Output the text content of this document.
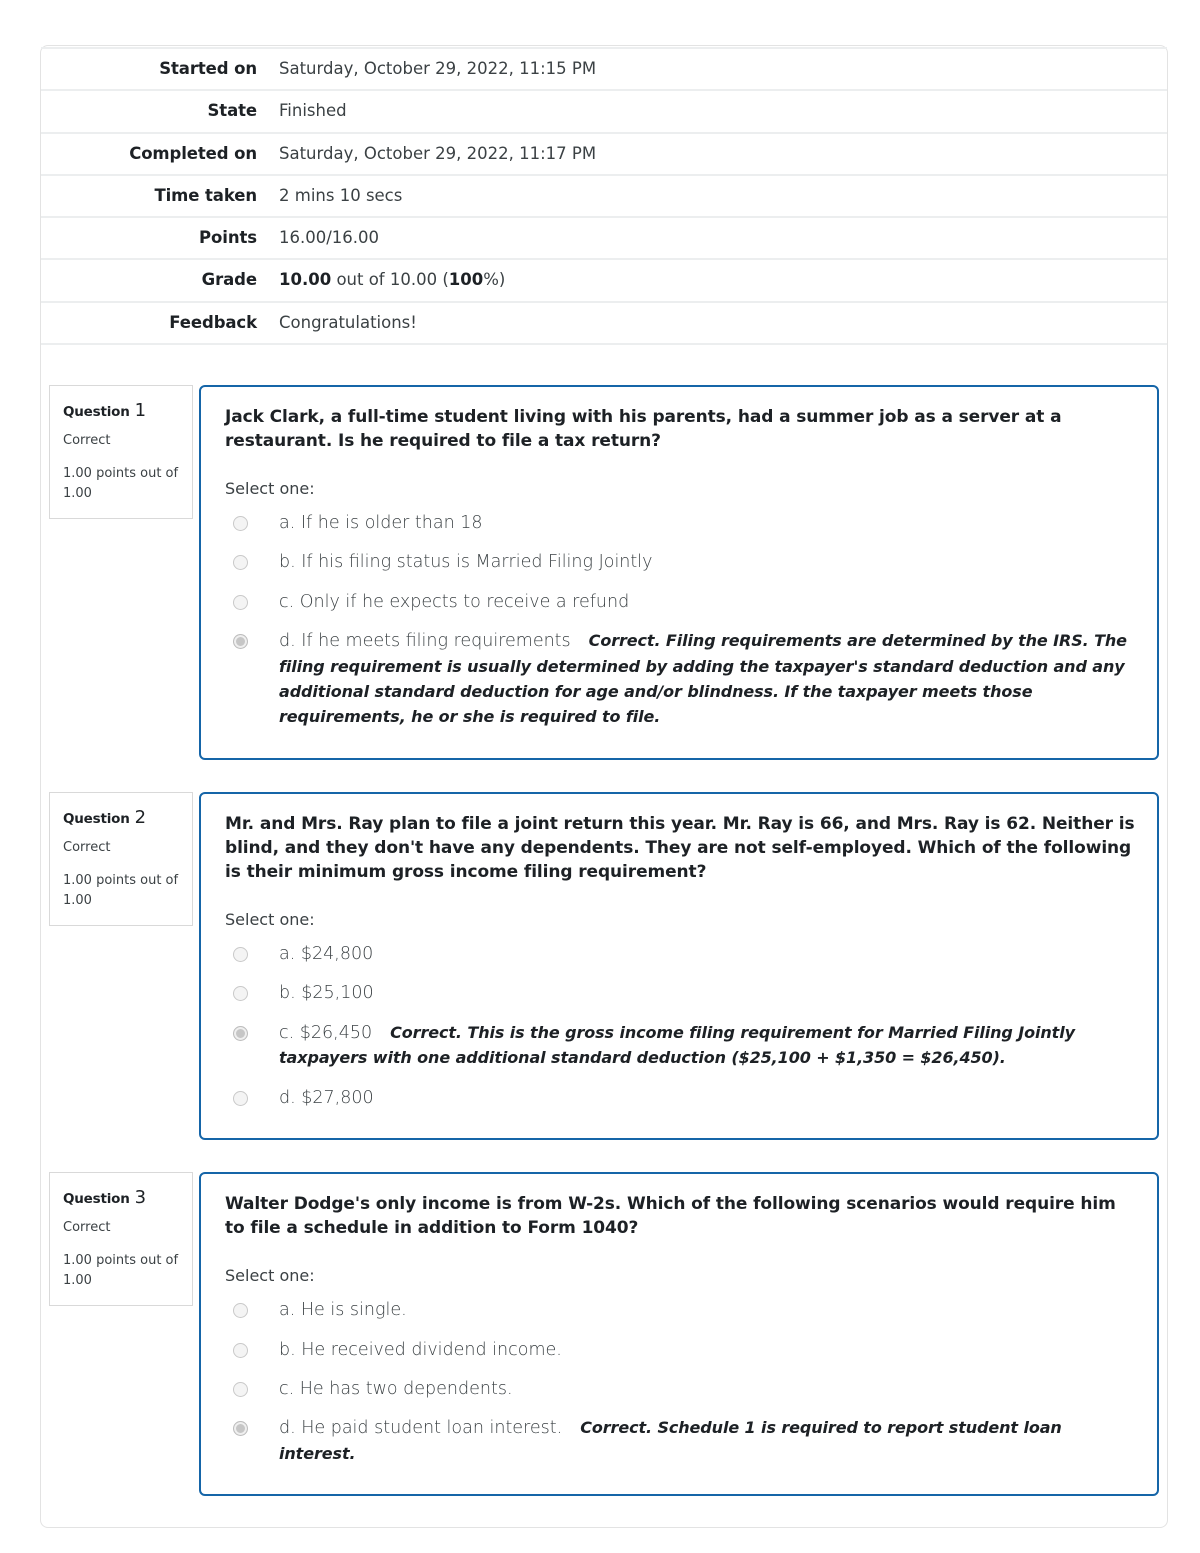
Started on	Saturday, October 29, 2022, 11:15 PM
State	Finished
Completed on	Saturday, October 29, 2022, 11:17 PM
Time taken	2 mins 10 secs
Points	16.00/16.00
Grade	10.00 out of 10.00 (100%)
Feedback	Congratulations!
Question 1
Correct
1.00 points out of 1.00

Jack Clark, a full-time student living with his parents, had a summer job as a server at a restaurant. Is he required to file a tax return?

Select one:

a. If he is older than 18
b. If his filing status is Married Filing Jointly
c. Only if he expects to receive a refund
d. If he meets filing requirements Correct. Filing requirements are determined by the IRS. The filing requirement is usually determined by adding the taxpayer's standard deduction and any additional standard deduction for age and/or blindness. If the taxpayer meets those requirements, he or she is required to file.
Question 2
Correct
1.00 points out of 1.00

Mr. and Mrs. Ray plan to file a joint return this year. Mr. Ray is 66, and Mrs. Ray is 62. Neither is blind, and they don't have any dependents. They are not self-employed. Which of the following is their minimum gross income filing requirement?

Select one:

a. $24,800
b. $25,100
c. $26,450 Correct. This is the gross income filing requirement for Married Filing Jointly taxpayers with one additional standard deduction ($25,100 + $1,350 = $26,450).
d. $27,800
Question 3
Correct
1.00 points out of 1.00

Walter Dodge's only income is from W-2s. Which of the following scenarios would require him to file a schedule in addition to Form 1040?

Select one:

a. He is single.
b. He received dividend income.
c. He has two dependents.
d. He paid student loan interest. Correct. Schedule 1 is required to report student loan interest.
